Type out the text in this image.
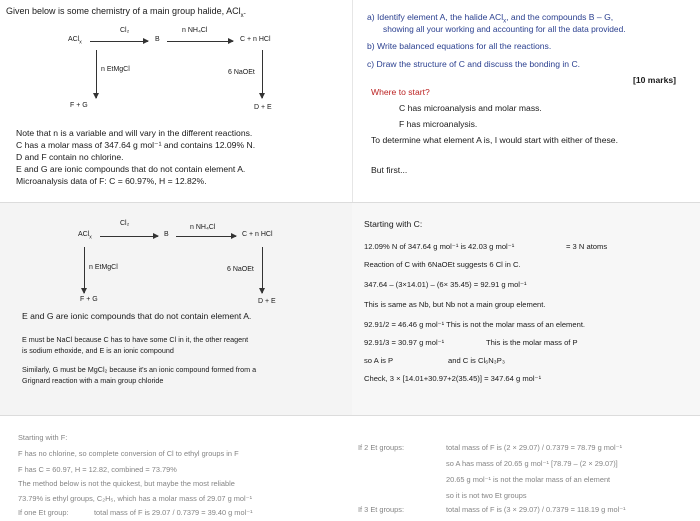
Given below is some chemistry of a main group halide, ACl$_x$.
ACl$_x$
Cl₂
B
n NH₄Cl
C + n HCl
n EtMgCl	6 NaOEt
F + G	D + E
Note that n is a variable and will vary in the different reactions.
C has a molar mass of 347.64 g mol⁻¹ and contains 12.09% N.
D and F contain no chlorine.
E and G are ionic compounds that do not contain element A.
Microanalysis data of F: C = 60.97%, H = 12.82%.
a) Identify element A, the halide ACl$_x$, and the compounds B – G,
showing all your working and accounting for all the data provided.
b) Write balanced equations for all the reactions.
c) Draw the structure of C and discuss the bonding in C.
[10 marks]
Where to start?
C has microanalysis and molar mass.
F has microanalysis.
To determine what element A is, I would start with either of these.
But first...
ACl$_x$
Cl₂
B
n NH₄Cl
C + n HCl
n EtMgCl	6 NaOEt
F + G	D + E
E and G are ionic compounds that do not contain element A.
E must be NaCl because C has to have some Cl in it, the other reagent
is sodium ethoxide, and E is an ionic compound
Similarly, G must be MgCl₂ because it's an ionic compound formed from a
Grignard reaction with a main group chloride
Starting with C:
12.09% N of 347.64 g mol⁻¹ is 42.03 g mol⁻¹	= 3 N atoms
Reaction of C with 6NaOEt suggests 6 Cl in C.
347.64 – (3×14.01) – (6× 35.45) = 92.91 g mol⁻¹
This is same as Nb, but Nb not a main group element.
92.91/2 = 46.46 g mol⁻¹ This is not the molar mass of an element.
92.91/3 = 30.97 g mol⁻¹	This is the molar mass of P
so A is P	and C is Cl₆N₃P₃
Check, 3 × [14.01+30.97+2(35.45)] = 347.64 g mol⁻¹
Starting with F:
F has no chlorine, so complete conversion of Cl to ethyl groups in F
F has C = 60.97, H = 12.82, combined = 73.79%
The method below is not the quickest, but maybe the most reliable
73.79% is ethyl groups, C₂H₅, which has a molar mass of 29.07 g mol⁻¹
If one Et group:	total mass of F is 29.07 / 0.7379 = 39.40 g mol⁻¹
If 2 Et groups:	total mass of F is (2 × 29.07) / 0.7379 = 78.79 g mol⁻¹
so A has mass of 20.65 g mol⁻¹ [78.79 – (2 × 29.07)]
20.65 g mol⁻¹ is not the molar mass of an element
so it is not two Et groups
If 3 Et groups:	total mass of F is (3 × 29.07) / 0.7379 = 118.19 g mol⁻¹
